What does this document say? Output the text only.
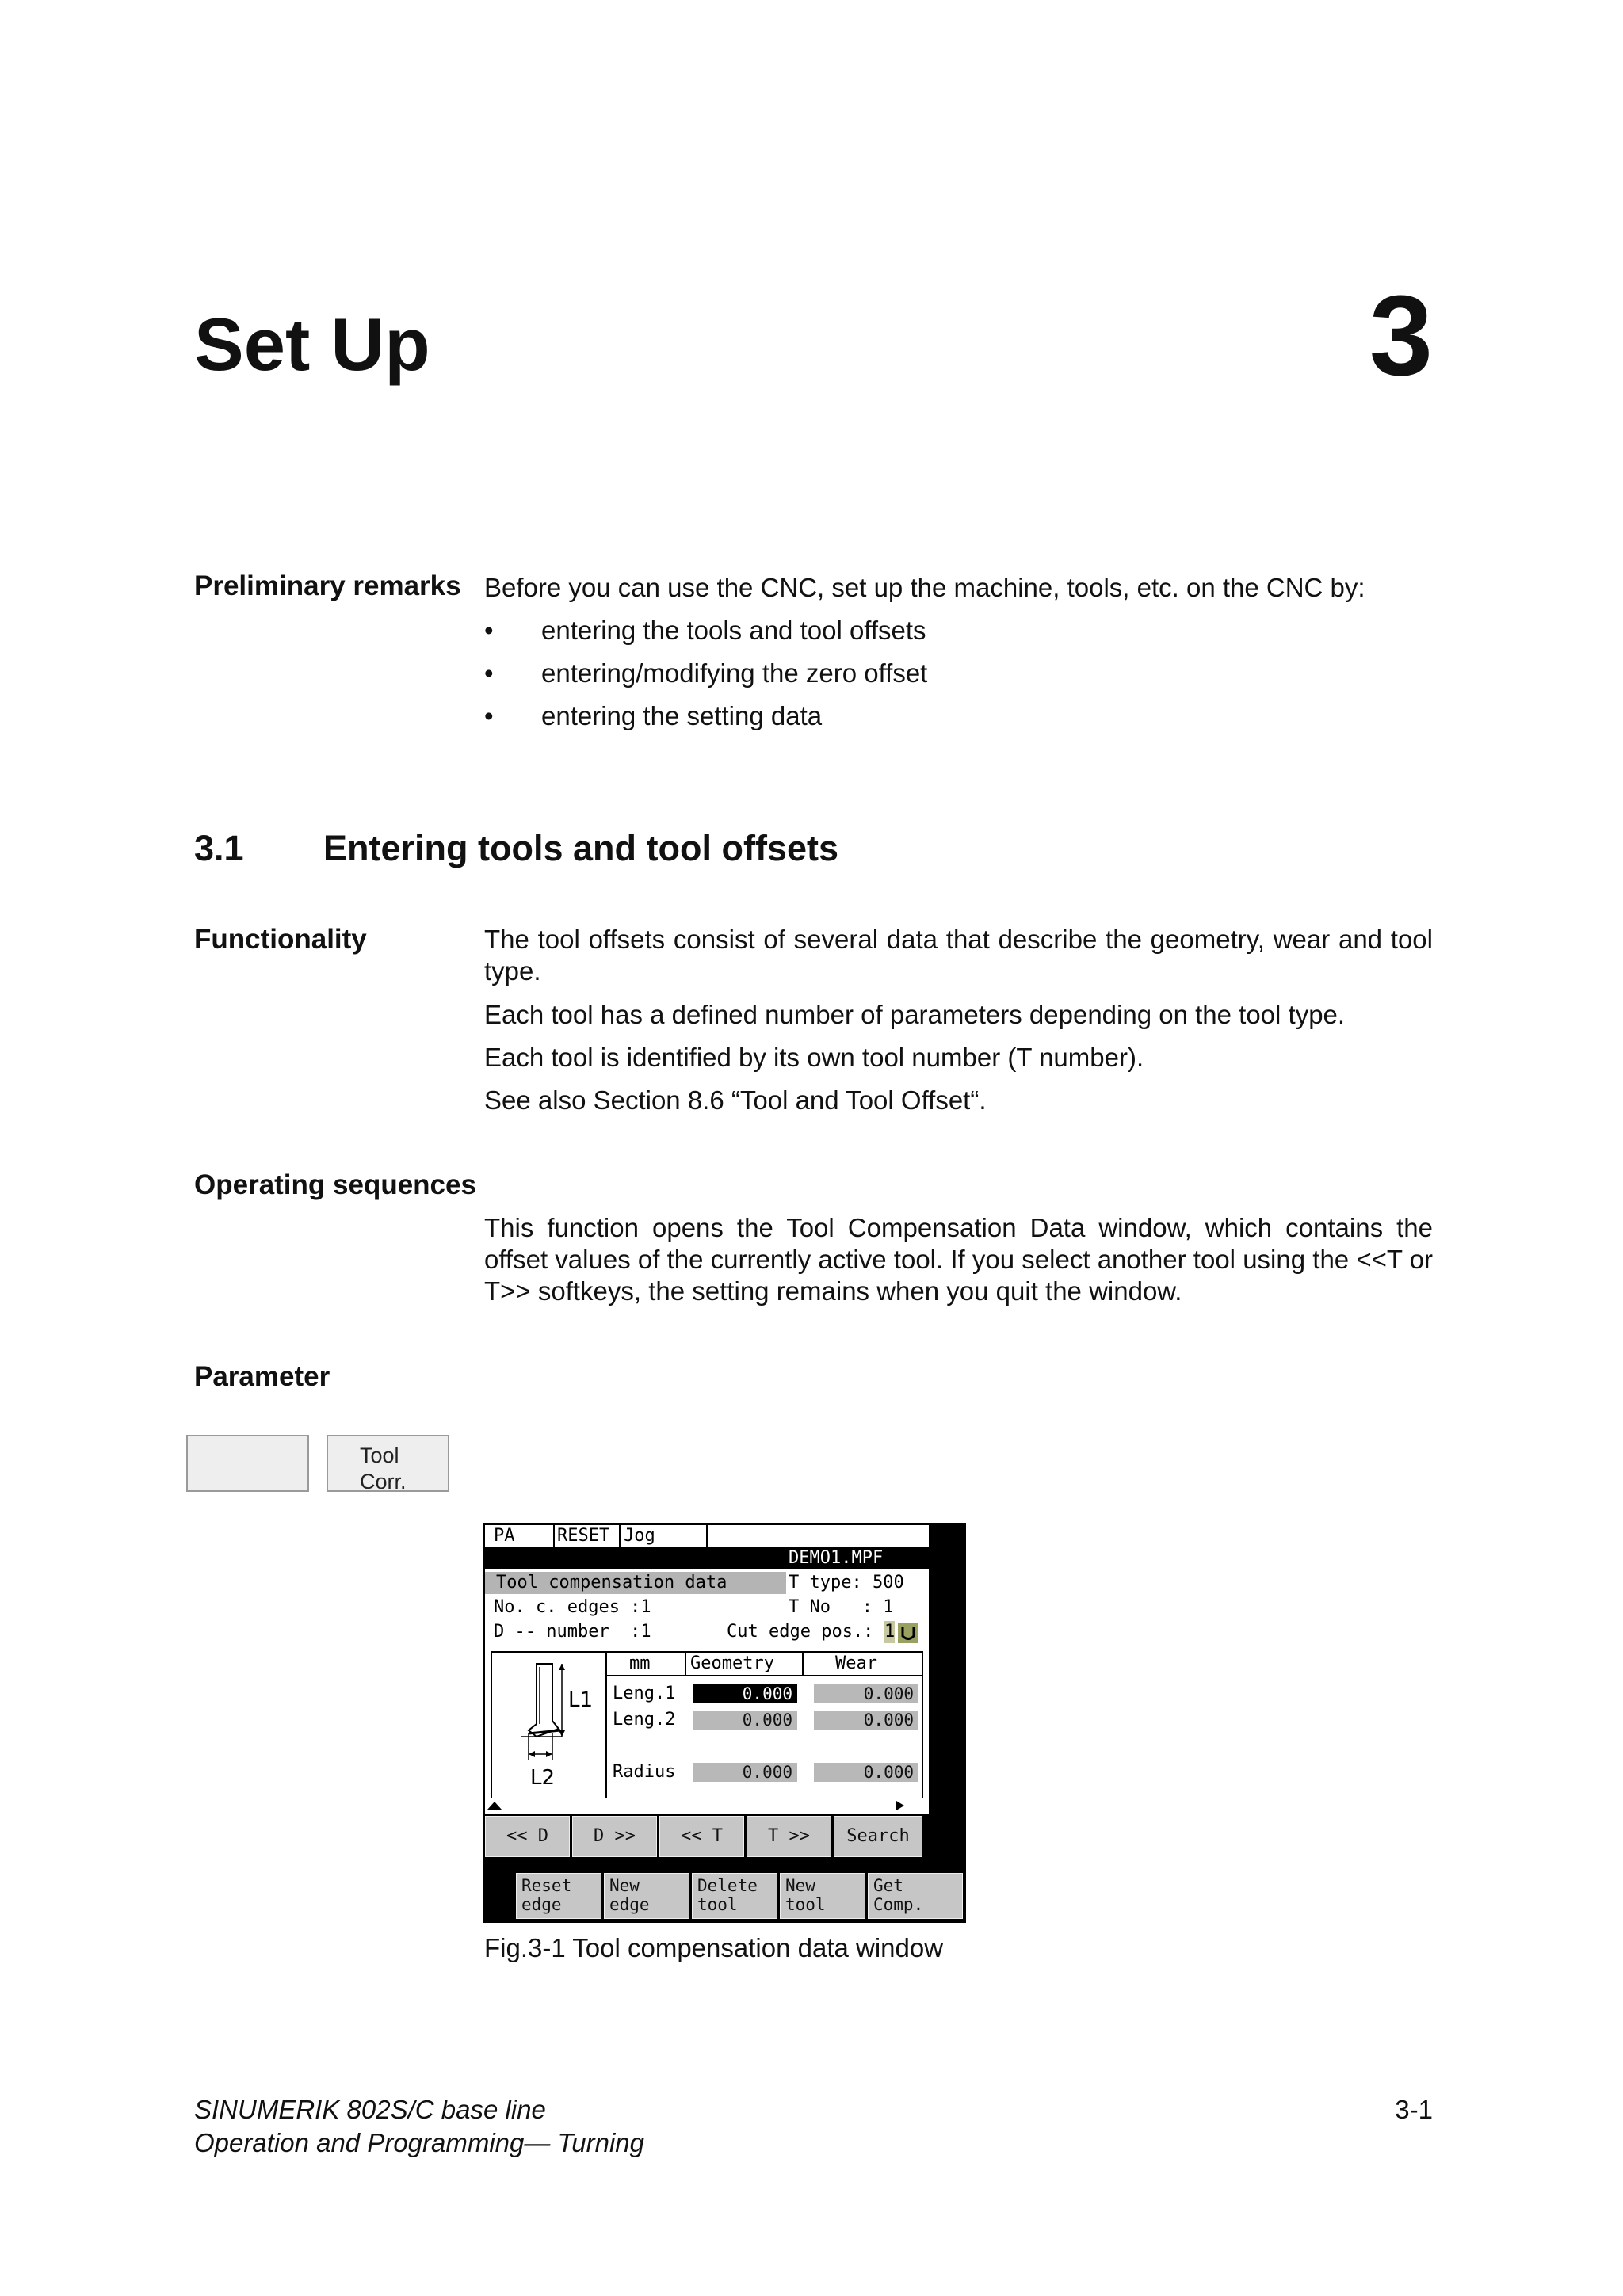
Set Up	3
Preliminary remarks Before you can use the CNC, set up the machine, tools, etc. on the CNC by:
• entering the tools and tool offsets
• entering/modifying the zero offset
• entering the setting data
3.1 Entering tools and tool offsets
Functionality	The tool offsets consist of several data that describe the geometry, wear and tool type.
Each tool has a defined number of parameters depending on the tool type.
Each tool is identified by its own tool number (T number).
See also Section 8.6 “Tool and Tool Offset“.
Operating sequences
This function opens the Tool Compensation Data window, which contains the offset values of the currently active tool. If you select another tool using the <<T or T>> softkeys, the setting remains when you quit the window.
Parameter
Tool
Corr.
PA RESET Jog
DEMO1.MPF
Tool compensation data	T type: 500
No. c. edges :1	T No   : 1
D -- number  :1	Cut edge pos.: 1
mm Geometry	Wear
L1
L2
Leng.1	0.000	0.000
Leng.2	0.000	0.000
Radius	0.000	0.000
<< D	D >>	<< T	T >>	Search
Reset
edge
New
edge
Delete
tool
New
tool
Get
Comp.
Fig.3-1 Tool compensation data window
SINUMERIK 802S/C base line
Operation and Programming— Turning
3-1
